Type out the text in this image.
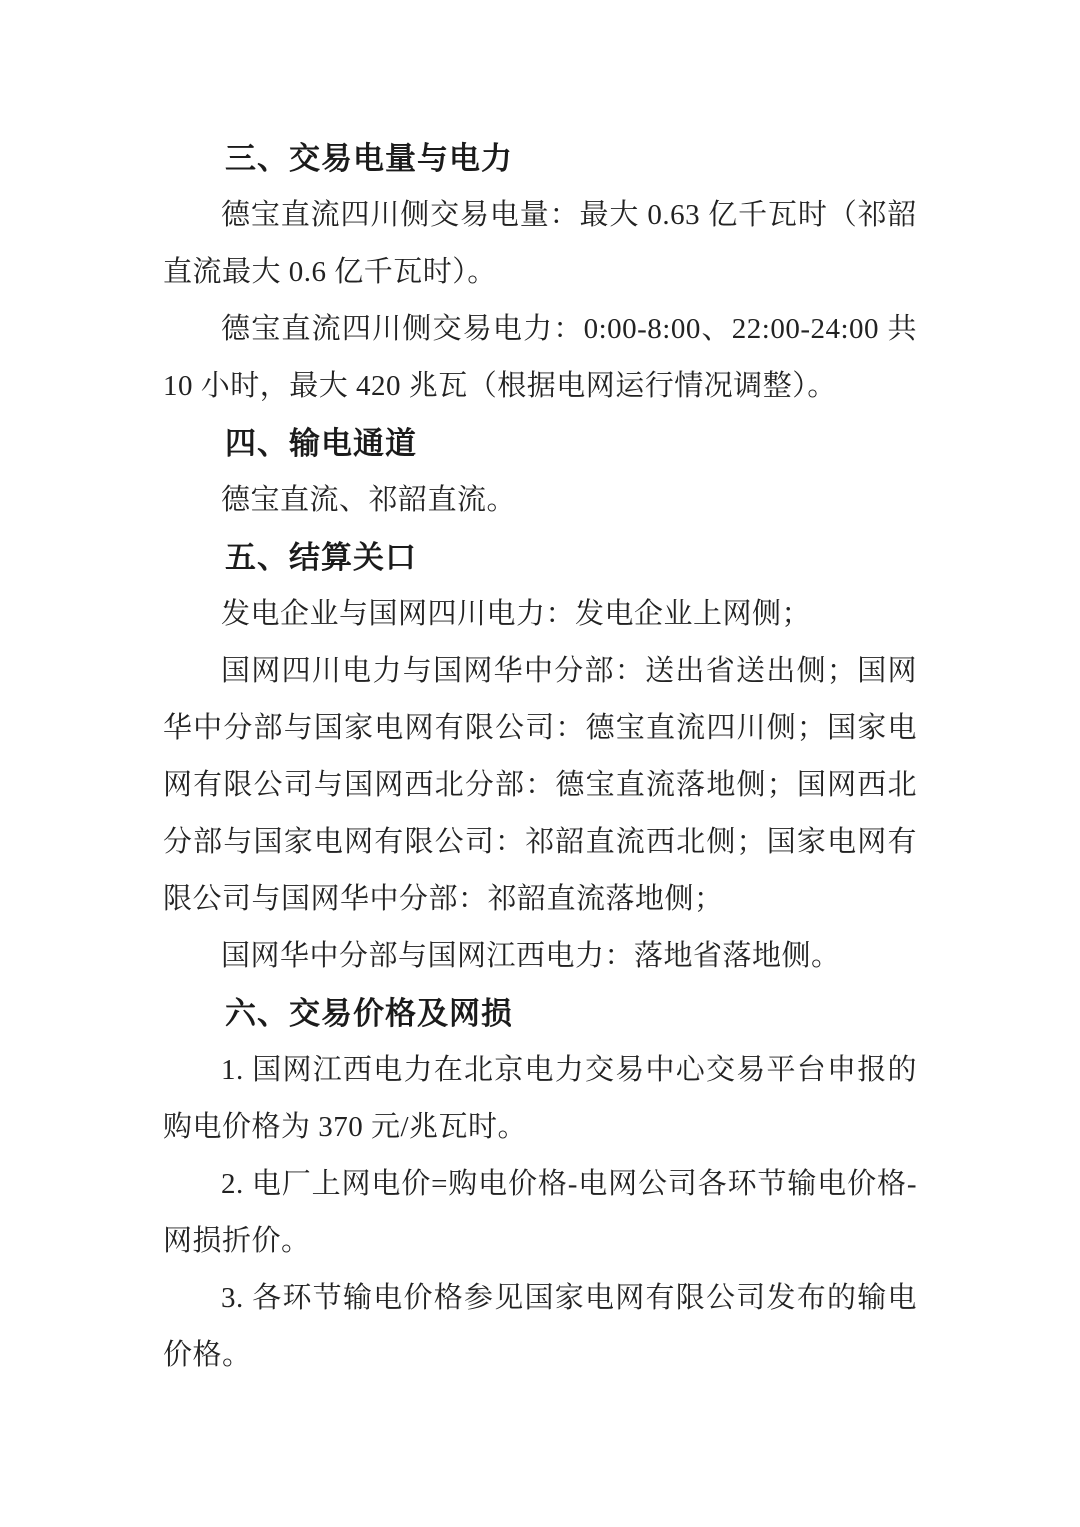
三、交易电量与电力

德宝直流四川侧交易电量：最大 0.63 亿千瓦时（祁韶直流最大 0.6 亿千瓦时）。

德宝直流四川侧交易电力：0:00-8:00、22:00-24:00 共 10 小时，最大 420 兆瓦（根据电网运行情况调整）。

四、输电通道

德宝直流、祁韶直流。

五、结算关口

发电企业与国网四川电力：发电企业上网侧；

国网四川电力与国网华中分部：送出省送出侧；国网华中分部与国家电网有限公司：德宝直流四川侧；国家电网有限公司与国网西北分部：德宝直流落地侧；国网西北分部与国家电网有限公司：祁韶直流西北侧；国家电网有限公司与国网华中分部：祁韶直流落地侧；

国网华中分部与国网江西电力：落地省落地侧。

六、交易价格及网损

1. 国网江西电力在北京电力交易中心交易平台申报的购电价格为 370 元/兆瓦时。

2. 电厂上网电价=购电价格-电网公司各环节输电价格-网损折价。

3. 各环节输电价格参见国家电网有限公司发布的输电价格。
